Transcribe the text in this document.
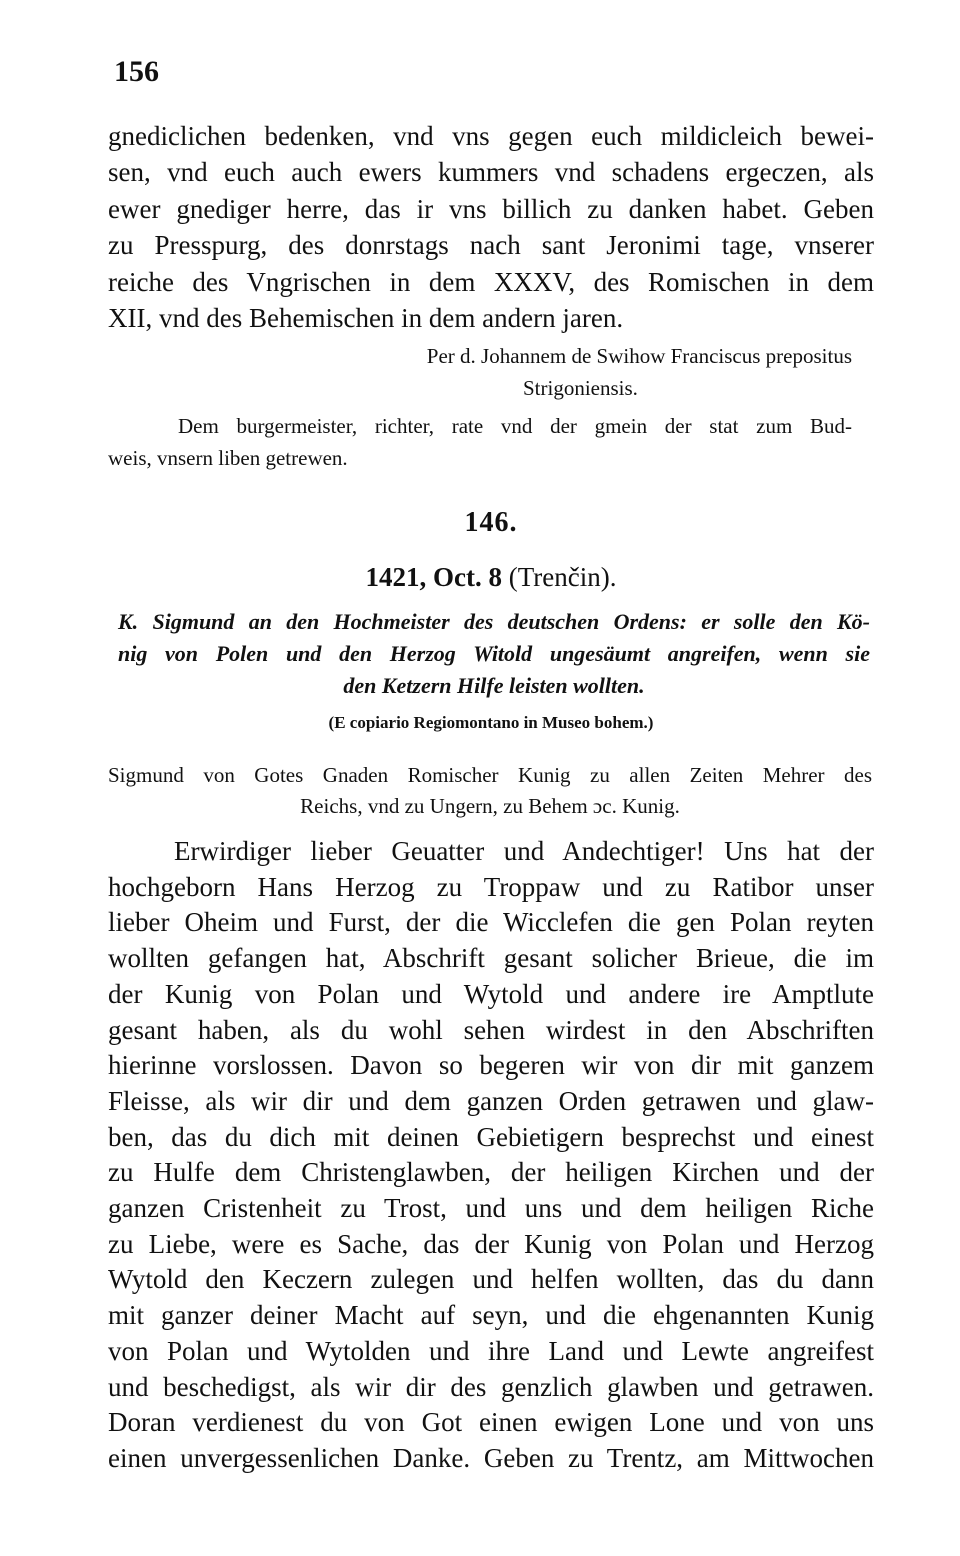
156
gnediclichen bedenken, vnd vns gegen euch mildicleich bewei-
sen, vnd euch auch ewers kummers vnd schadens ergeczen, als
ewer gnediger herre, das ir vns billich zu danken habet. Geben
zu Presspurg, des donrstags nach sant Jeronimi tage, vnserer
reiche des Vngrischen in dem XXXV, des Romischen in dem
XII, vnd des Behemischen in dem andern jaren.
Per d. Johannem de Swihow Franciscus prepositus
Strigoniensis.
Dem burgermeister, richter, rate vnd der gmein der stat zum Bud-
weis, vnsern liben getrewen.
146.
1421, Oct. 8 (Trenčin).
K. Sigmund an den Hochmeister des deutschen Ordens: er solle den Kö-
nig von Polen und den Herzog Witold ungesäumt angreifen, wenn sie
den Ketzern Hilfe leisten wollten.
(E copiario Regiomontano in Museo bohem.)
Sigmund von Gotes Gnaden Romischer Kunig zu allen Zeiten Mehrer des
Reichs, vnd zu Ungern, zu Behem ɔc. Kunig.
Erwirdiger lieber Geuatter und Andechtiger! Uns hat der
hochgeborn Hans Herzog zu Troppaw und zu Ratibor unser
lieber Oheim und Furst, der die Wicclefen die gen Polan reyten
wollten gefangen hat, Abschrift gesant solicher Brieue, die im
der Kunig von Polan und Wytold und andere ire Amptlute
gesant haben, als du wohl sehen wirdest in den Abschriften
hierinne vorslossen. Davon so begeren wir von dir mit ganzem
Fleisse, als wir dir und dem ganzen Orden getrawen und glaw-
ben, das du dich mit deinen Gebietigern besprechst und einest
zu Hulfe dem Christenglawben, der heiligen Kirchen und der
ganzen Cristenheit zu Trost, und uns und dem heiligen Riche
zu Liebe, were es Sache, das der Kunig von Polan und Herzog
Wytold den Keczern zulegen und helfen wollten, das du dann
mit ganzer deiner Macht auf seyn, und die ehgenannten Kunig
von Polan und Wytolden und ihre Land und Lewte angreifest
und beschedigst, als wir dir des genzlich glawben und getrawen.
Doran verdienest du von Got einen ewigen Lone und von uns
einen unvergessenlichen Danke. Geben zu Trentz, am Mittwochen
